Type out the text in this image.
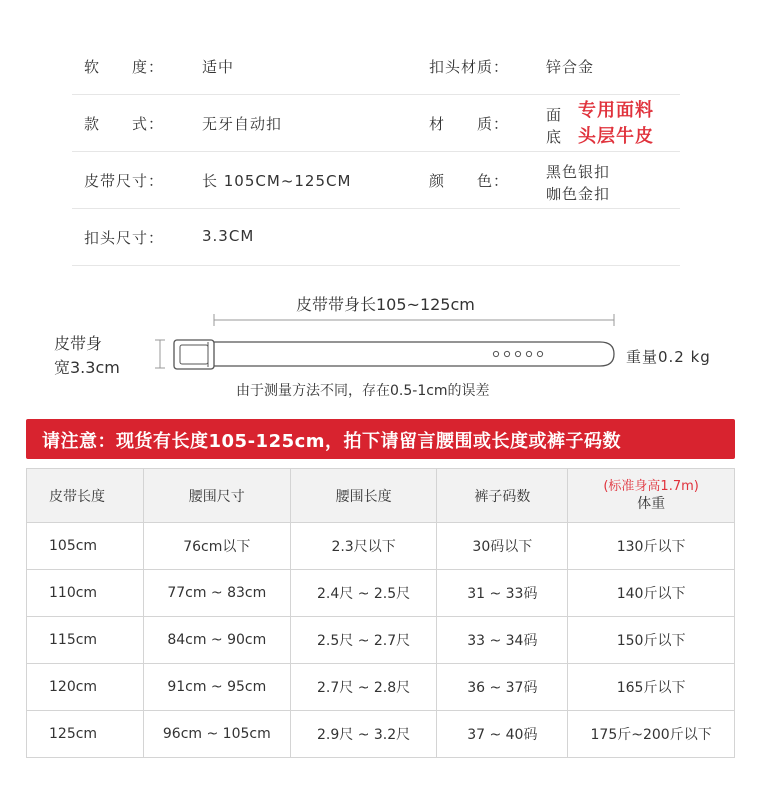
软　　度：	适中	扣头材质： 锌合金
款　　式：	无牙自动扣	材　　质： 面
底
专用面料
头层牛皮
皮带尺寸：	长 105CM~125CM	颜　　色： 黑色银扣
咖色金扣
扣头尺寸：	3.3CM
皮带带身长105~125cm
皮带身
宽3.3cm
重量0.2 kg
由于测量方法不同，存在0.5-1cm的误差
请注意：现货有长度105-125cm，拍下请留言腰围或长度或裤子码数
皮带长度	腰围尺寸	腰围长度	裤子码数	(标准身高1.7m)
体重

105cm	76cm以下	2.3尺以下	30码以下	130斤以下
110cm	77cm ~ 83cm	2.4尺 ~ 2.5尺	31 ~ 33码	140斤以下
115cm	84cm ~ 90cm	2.5尺 ~ 2.7尺	33 ~ 34码	150斤以下
120cm	91cm ~ 95cm	2.7尺 ~ 2.8尺	36 ~ 37码	165斤以下
125cm	96cm ~ 105cm	2.9尺 ~ 3.2尺	37 ~ 40码	175斤~200斤以下
